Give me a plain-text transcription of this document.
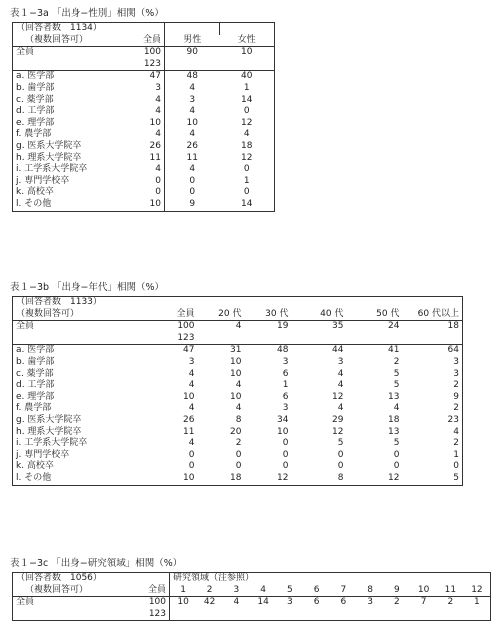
表１−3a 「出身−性別」相関（%）
（回答者数　1134）			
（複数回答可）	全員	男性	女性
全員	100	90	10
	123		
a. 医学部	47	48	40
b. 歯学部	3	4	1
c. 薬学部	4	3	14
d. 工学部	4	4	0
e. 理学部	10	10	12
f. 農学部	4	4	4
g. 医系大学院卒	26	26	18
h. 理系大学院卒	11	11	12
i. 工学系大学院卒	4	4	0
j. 専門学校卒	0	0	1
k. 高校卒	0	0	0
l. その他	10	9	14
表１−3b 「出身−年代」相関（%）
（回答者数　1133）						
（複数回答可）	全員	20 代	30 代	40 代	50 代	60 代以上
全員	100	4	19	35	24	18
	123					
a. 医学部	47	31	48	44	41	64
b. 歯学部	3	10	3	3	2	3
c. 薬学部	4	10	6	4	5	3
d. 工学部	4	4	1	4	5	2
e. 理学部	10	10	6	12	13	9
f. 農学部	4	4	3	4	4	2
g. 医系大学院卒	26	8	34	29	18	23
h. 理系大学院卒	11	20	10	12	13	4
i. 工学系大学院卒	4	2	0	5	5	2
j. 専門学校卒	0	0	0	0	0	1
k. 高校卒	0	0	0	0	0	0
l. その他	10	18	12	8	12	5
表１−3c 「出身−研究領域」相関（%）
（回答者数　1056）		研究領域（注参照）											
（複数回答可）	全員	1	2	3	4	5	6	7	8	9	10	11	12
全員	100	10	42	4	14	3	6	6	3	2	7	2	1
	123												
